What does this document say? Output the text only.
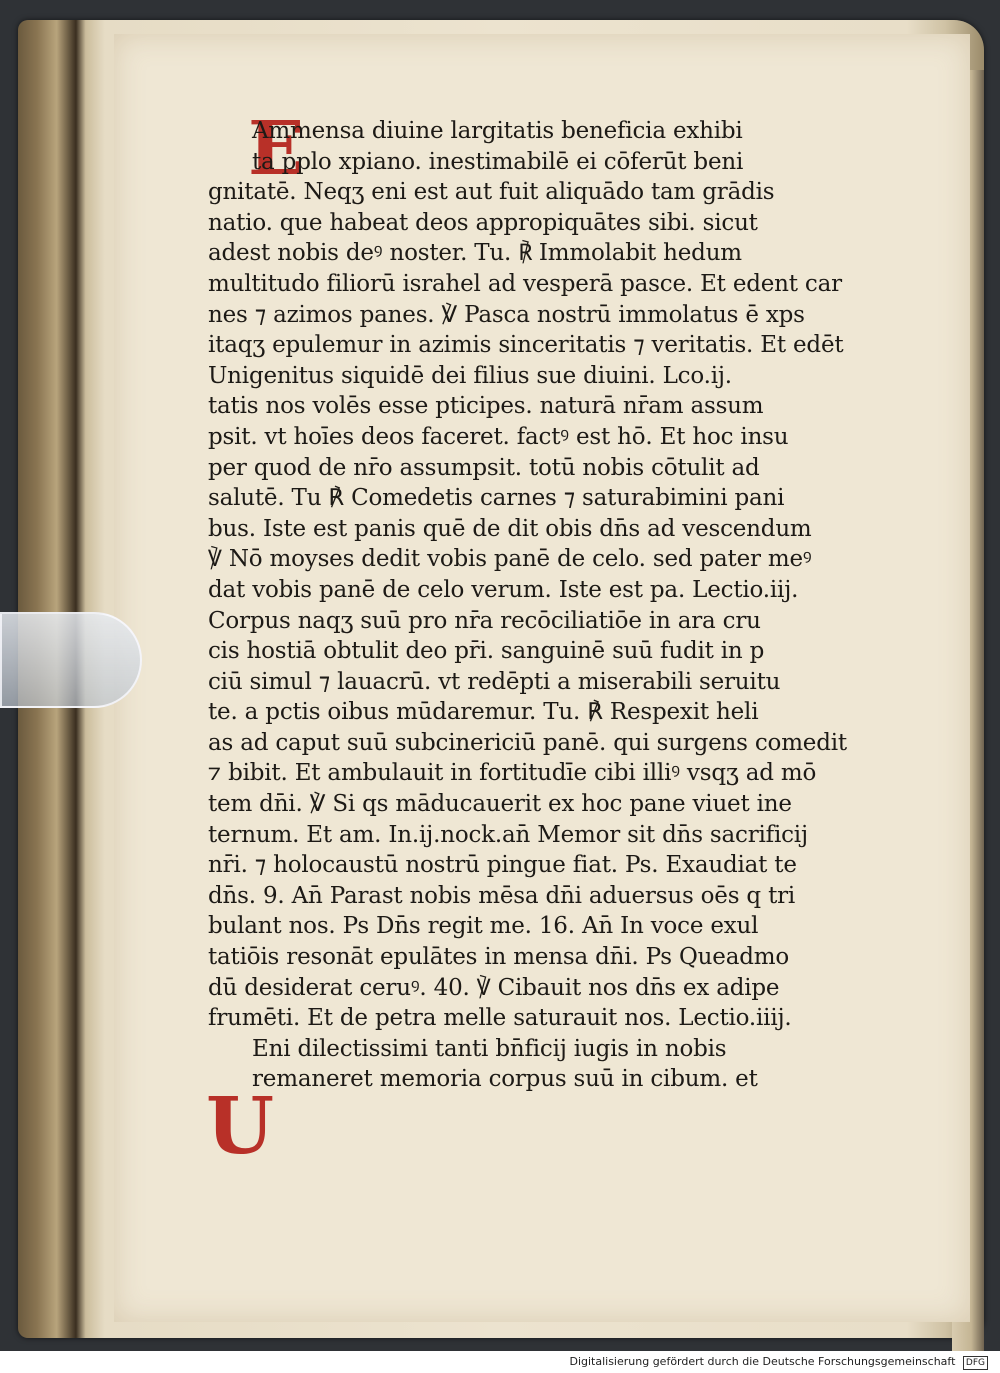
E
U
Ammensa diuine largitatis beneficia exhibi
ta pplo xpiano. inestimabilē ei cōferūt beni
gnitatē. Neqʒ eni est aut fuit aliquādo tam grādis
natio. que habeat deos appropiquātes sibi. sicut
adest nobis deꝰ noster. Tu. ℟ Immolabit hedum
multitudo filiorū israhel ad vesperā pasce. Et edent car
nes ⁊ azimos panes. ℣ Pasca nostrū immolatus ē xps
itaqʒ epulemur in azimis sinceritatis ⁊ veritatis. Et edēt
Unigenitus siquidē dei filius sue diuini. Lco.ij.
tatis nos volēs esse pticipes. naturā nr̄am assum
psit. vt hoīes deos faceret. factꝰ est hō. Et hoc insu
per quod de nr̄o assumpsit. totū nobis cōtulit ad
salutē. Tu ℟ Comedetis carnes ⁊ saturabimini pani
bus. Iste est panis quē de dit obis dn̄s ad vescendum
℣ Nō moyses dedit vobis panē de celo. sed pater meꝰ
dat vobis panē de celo verum. Iste est pa. Lectio.iij.
Corpus naqʒ suū pro nr̄a recōciliatiōe in ara cru
cis hostiā obtulit deo pr̄i. sanguinē suū fudit in p
ciū simul ⁊ lauacrū. vt redēpti a miserabili seruitu
te. a pctis oibus mūdaremur. Tu. ℟ Respexit heli
as ad caput suū subcinericiū panē. qui surgens comedit
⁊ bibit. Et ambulauit in fortitudīe cibi illiꝰ vsqʒ ad mō
tem dn̄i. ℣ Si qs māducauerit ex hoc pane viuet ine
ternum. Et am. In.ij.nock.an̄ Memor sit dn̄s sacrificij
nr̄i. ⁊ holocaustū nostrū pingue fiat. Ps. Exaudiat te
dn̄s. 9. An̄ Parast nobis mēsa dn̄i aduersus oēs q tri
bulant nos. Ps Dn̄s regit me. 16. An̄ In voce exul
tatiōis resonāt epulātes in mensa dn̄i. Ps Queadmo
dū desiderat ceruꝰ. 40. ℣ Cibauit nos dn̄s ex adipe
frumēti. Et de petra melle saturauit nos. Lectio.iiij.
Eni dilectissimi tanti bn̄ficij iugis in nobis
remaneret memoria corpus suū in cibum. et
Digitalisierung gefördert durch die Deutsche Forschungsgemeinschaft DFG
